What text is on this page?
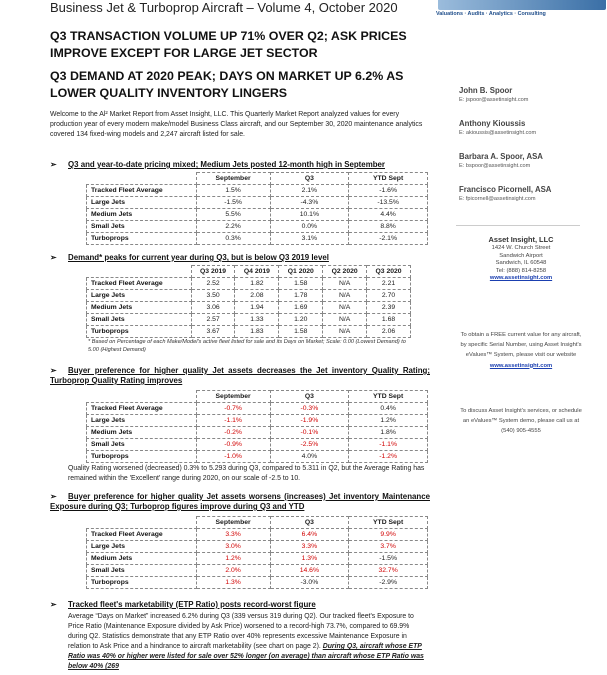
Business Jet & Turboprop Aircraft – Volume 4, October 2020	Valuations · Audits · Analytics · Consulting
Q3 TRANSACTION VOLUME UP 71% OVER Q2; ASK PRICES IMPROVE EXCEPT FOR LARGE JET SECTOR
Q3 DEMAND AT 2020 PEAK; DAYS ON MARKET UP 6.2% AS LOWER QUALITY INVENTORY LINGERS
Welcome to the Al² Market Report from Asset Insight, LLC. This Quarterly Market Report analyzed values for every production year of every modern make/model Business Class aircraft, and our September 30, 2020 maintenance analytics covered 134 fixed-wing models and 2,247 aircraft listed for sale.
➢ Q3 and year-to-date pricing mixed; Medium Jets posted 12-month high in September
	September	Q3	YTD Sept
Tracked Fleet Average	1.5%	2.1%	-1.6%
Large Jets	-1.5%	-4.3%	-13.5%
Medium Jets	5.5%	10.1%	4.4%
Small Jets	2.2%	0.0%	8.8%
Turboprops	0.3%	3.1%	-2.1%
➢ Demand* peaks for current year during Q3, but is below Q3 2019 level
	Q3 2019	Q4 2019	Q1 2020	Q2 2020	Q3 2020
Tracked Fleet Average	2.52	1.82	1.58	N/A	2.21
Large Jets	3.50	2.08	1.78	N/A	2.70
Medium Jets	3.06	1.94	1.69	N/A	2.39
Small Jets	2.57	1.33	1.20	N/A	1.68
Turboprops	3.67	1.83	1.58	N/A	2.06
* Based on Percentage of each Make/Model's active fleet listed for sale and its Days on Market; Scale: 0.00 (Lowest Demand) to 5.00 (Highest Demand)
➢ Buyer preference for higher quality Jet assets decreases the Jet inventory Quality Rating; Turboprop Quality Rating improves
	September	Q3	YTD Sept
Tracked Fleet Average	-0.7%	-0.3%	0.4%
Large Jets	-1.1%	-1.9%	1.2%
Medium Jets	-0.2%	-0.1%	1.8%
Small Jets	-0.9%	-2.5%	-1.1%
Turboprops	-1.0%	4.0%	-1.2%
Quality Rating worsened (decreased) 0.3% to 5.293 during Q3, compared to 5.311 in Q2, but the Average Rating has remained within the 'Excellent' range during 2020, on our scale of -2.5 to 10.
➢ Buyer preference for higher quality Jet assets worsens (increases) Jet inventory Maintenance Exposure during Q3; Turboprop figures improve during Q3 and YTD
	September	Q3	YTD Sept
Tracked Fleet Average	3.3%	6.4%	9.9%
Large Jets	3.0%	3.3%	3.7%
Medium Jets	1.2%	1.3%	-1.5%
Small Jets	2.0%	14.6%	32.7%
Turboprops	1.3%	-3.0%	-2.9%
➢ Tracked fleet's marketability (ETP Ratio) posts record-worst figure
Average “Days on Market” increased 6.2% during Q3 (339 versus 319 during Q2). Our tracked fleet's Exposure to Price Ratio (Maintenance Exposure divided by Ask Price) worsened to a record-high 73.7%, compared to 69.9% during Q2. Statistics demonstrate that any ETP Ratio over 40% represents excessive Maintenance Exposure in relation to Ask Price and a hindrance to aircraft marketability (see chart on page 2). During Q3, aircraft whose ETP Ratio was 40% or higher were listed for sale over 52% longer (on average) than aircraft whose ETP Ratio was below 40% (269
John B. Spoor
E: jspoor@assetinsight.com
Anthony Kioussis
E: akioussis@assetinsight.com
Barbara A. Spoor, ASA
E: bspoor@assetinsight.com
Francisco Picornell, ASA
E: fpicornell@assetinsight.com
Asset Insight, LLC
1424 W. Church Street
Sandwich Airport
Sandwich, IL 60548
Tel: (888) 814-8258
www.assetinsight.com
To obtain a FREE current value for any aircraft, by specific Serial Number, using Asset Insight's eValues™ System, please visit our website
www.assetinsight.com
To discuss Asset Insight's services, or schedule an eValues™ System demo, please call us at (540) 905-4555
